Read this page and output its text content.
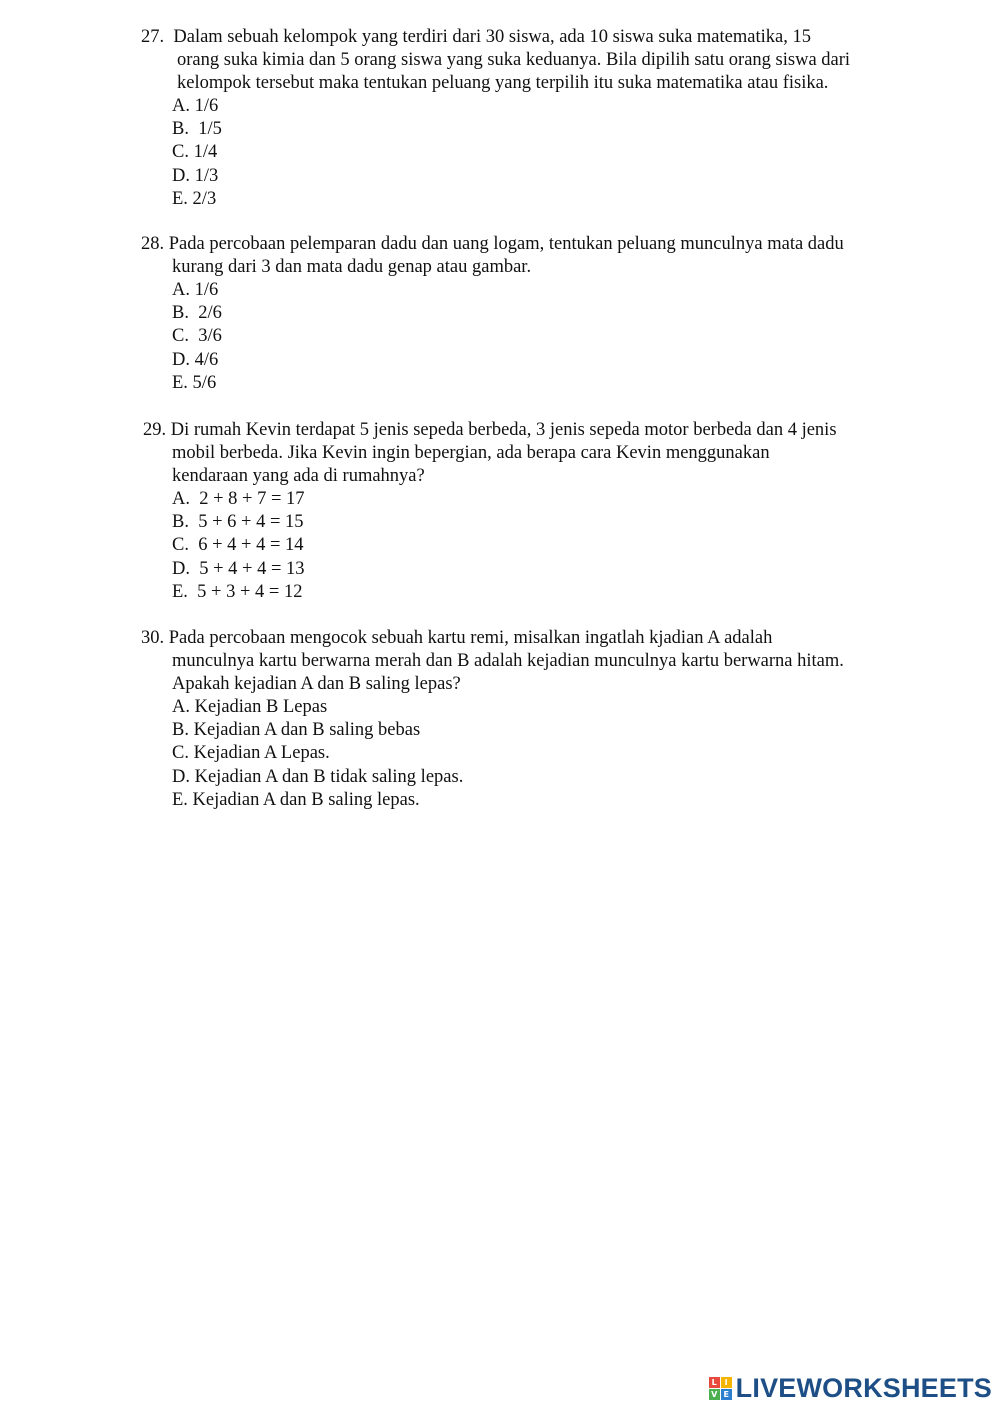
27. Dalam sebuah kelompok yang terdiri dari 30 siswa, ada 10 siswa suka matematika, 15
orang suka kimia dan 5 orang siswa yang suka keduanya. Bila dipilih satu orang siswa dari
kelompok tersebut maka tentukan peluang yang terpilih itu suka matematika atau fisika.
A. 1/6
B.  1/5
C. 1/4
D. 1/3
E. 2/3
28. Pada percobaan pelemparan dadu dan uang logam, tentukan peluang munculnya mata dadu
kurang dari 3 dan mata dadu genap atau gambar.
A. 1/6
B.  2/6
C.  3/6
D. 4/6
E. 5/6
29. Di rumah Kevin terdapat 5 jenis sepeda berbeda, 3 jenis sepeda motor berbeda dan 4 jenis
mobil berbeda. Jika Kevin ingin bepergian, ada berapa cara Kevin menggunakan
kendaraan yang ada di rumahnya?
A.  2 + 8 + 7 = 17
B.  5 + 6 + 4 = 15
C.  6 + 4 + 4 = 14
D.  5 + 4 + 4 = 13
E.  5 + 3 + 4 = 12
30. Pada percobaan mengocok sebuah kartu remi, misalkan ingatlah kjadian A adalah
munculnya kartu berwarna merah dan B adalah kejadian munculnya kartu berwarna hitam.
Apakah kejadian A dan B saling lepas?
A. Kejadian B Lepas
B. Kejadian A dan B saling bebas
C. Kejadian A Lepas.
D. Kejadian A dan B tidak saling lepas.
E. Kejadian A dan B saling lepas.
L I
V E LIVEWORKSHEETS
